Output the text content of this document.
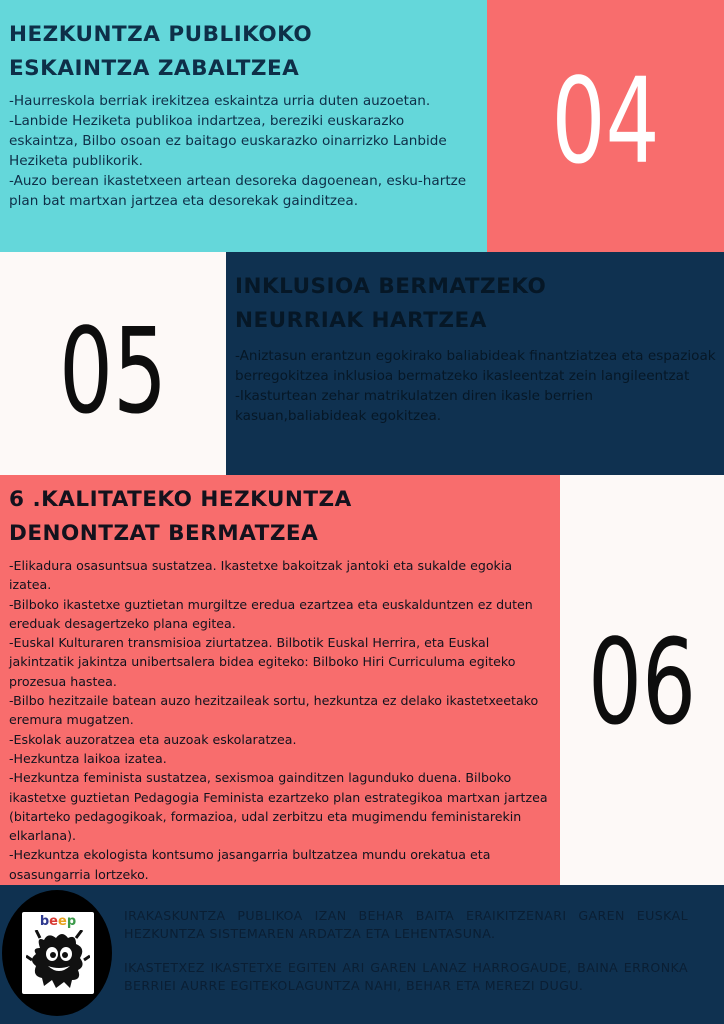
HEZKUNTZA PUBLIKOKO
ESKAINTZA ZABALTZEA

-Haurreskola berriak irekitzea eskaintza urria duten auzoetan.

-Lanbide Heziketa publikoa indartzea, bereziki euskarazko eskaintza, Bilbo osoan ez baitago euskarazko oinarrizko Lanbide Heziketa publikorik.

-Auzo berean ikastetxeen artean desoreka dagoenean, esku-hartze plan bat martxan jartzea eta desorekak gainditzea.

04
05
INKLUSIOA BERMATZEKO
NEURRIAK HARTZEA

-Aniztasun erantzun egokirako baliabideak finantziatzea eta espazioak berregokitzea inklusioa bermatzeko ikasleentzat zein langileentzat

-Ikasturtean zehar matrikulatzen diren ikasle berrien kasuan,baliabideak egokitzea.

6 .KALITATEKO HEZKUNTZA
DENONTZAT BERMATZEA

-Elikadura osasuntsua sustatzea. Ikastetxe bakoitzak jantoki eta sukalde egokia izatea.

-Bilboko ikastetxe guztietan murgiltze eredua ezartzea eta euskalduntzen ez duten ereduak desagertzeko plana egitea.

-Euskal Kulturaren transmisioa ziurtatzea. Bilbotik Euskal Herrira, eta Euskal jakintzatik jakintza unibertsalera bidea egiteko: Bilboko Hiri Curriculuma egiteko prozesua hastea.

-Bilbo hezitzaile batean auzo hezitzaileak sortu, hezkuntza ez delako ikastetxeetako eremura mugatzen.

-Eskolak auzoratzea eta auzoak eskolaratzea.

-Hezkuntza laikoa izatea.

-Hezkuntza feminista sustatzea, sexismoa gainditzen lagunduko duena. Bilboko ikastetxe guztietan Pedagogia Feminista ezartzeko plan estrategikoa martxan jartzea (bitarteko pedagogikoak, formazioa, udal zerbitzu eta mugimendu feministarekin elkarlana).

-Hezkuntza ekologista kontsumo jasangarria bultzatzea mundu orekatua eta osasungarria lortzeko.

06
beep	IRAKASKUNTZA PUBLIKOA IZAN BEHAR BAITA ERAIKITZENARI GAREN EUSKAL HEZKUNTZA SISTEMAREN ARDATZA ETA LEHENTASUNA.

IKASTETXEZ IKASTETXE EGITEN ARI GAREN LANAZ HARROGAUDE, BAINA ERRONKA BERRIEI AURRE EGITEKOLAGUNTZA NAHI, BEHAR ETA MEREZI DUGU.
